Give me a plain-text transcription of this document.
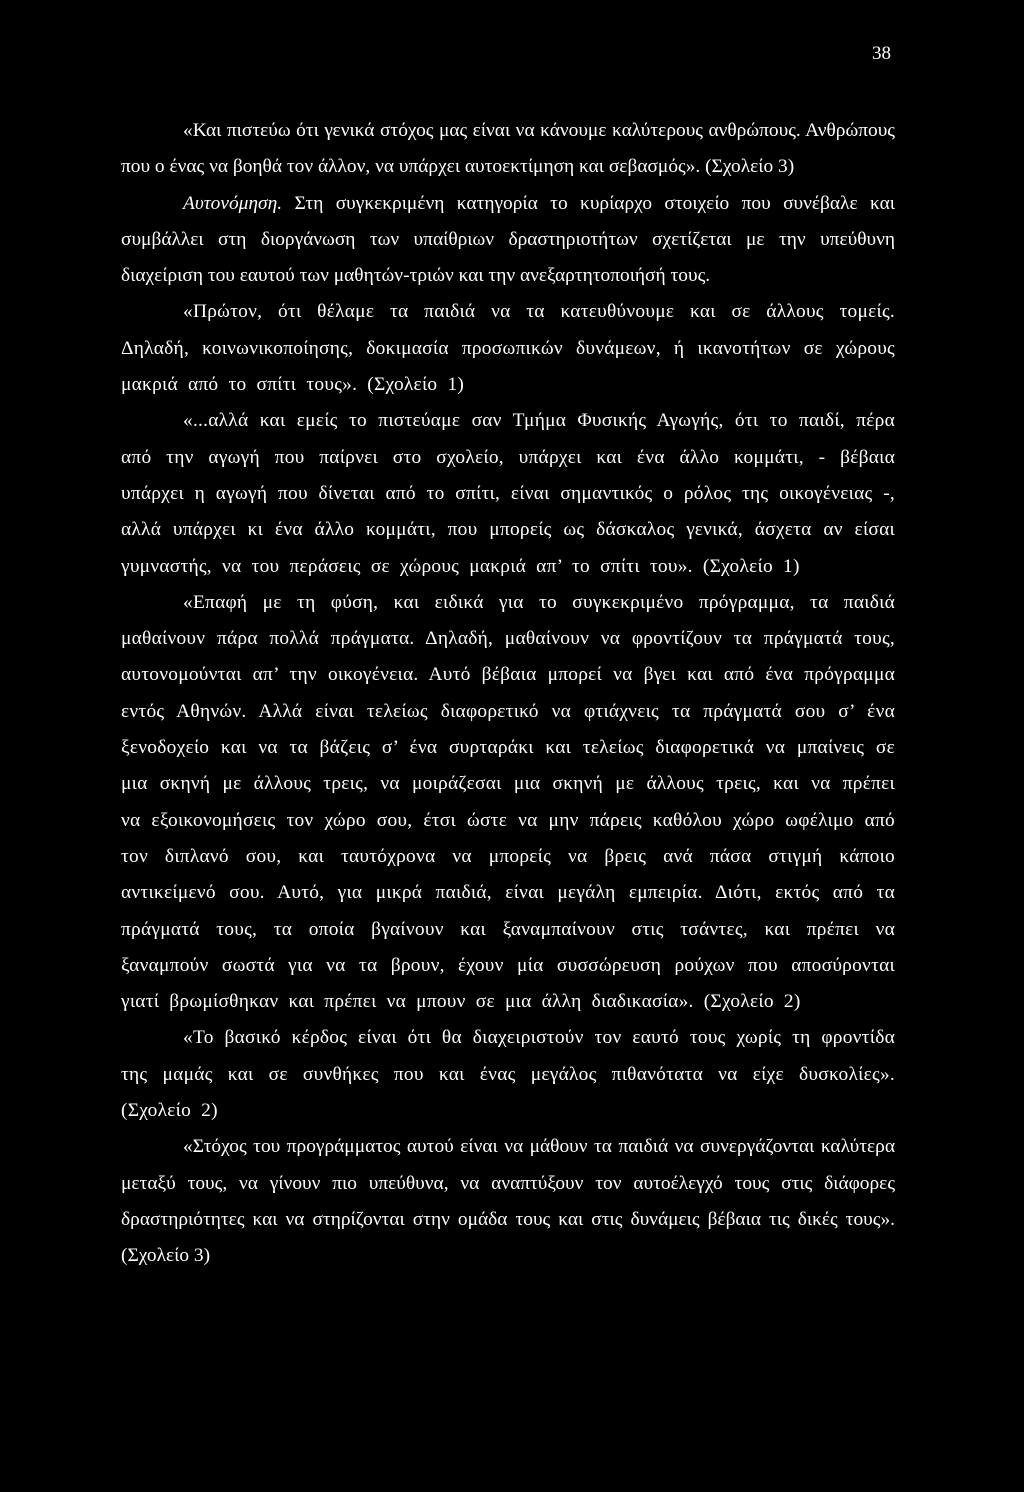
38

«Και πιστεύω ότι γενικά στόχος μας είναι να κάνουμε καλύτερους ανθρώπους. Ανθρώπους που ο ένας να βοηθά τον άλλον, να υπάρχει αυτοεκτίμηση και σεβασμός». (Σχολείο 3)

Αυτονόμηση. Στη συγκεκριμένη κατηγορία το κυρίαρχο στοιχείο που συνέβαλε και συμβάλλει στη διοργάνωση των υπαίθριων δραστηριοτήτων σχετίζεται με την υπεύθυνη διαχείριση του εαυτού των μαθητών-τριών και την ανεξαρτητοποιήσή τους.

«Πρώτον, ότι θέλαμε τα παιδιά να τα κατευθύνουμε και σε άλλους τομείς. Δηλαδή, κοινωνικοποίησης, δοκιμασία προσωπικών δυνάμεων, ή ικανοτήτων σε χώρους μακριά από το σπίτι τους». (Σχολείο 1)

«...αλλά και εμείς το πιστεύαμε σαν Τμήμα Φυσικής Αγωγής, ότι το παιδί, πέρα από την αγωγή που παίρνει στο σχολείο, υπάρχει και ένα άλλο κομμάτι, - βέβαια υπάρχει η αγωγή που δίνεται από το σπίτι, είναι σημαντικός ο ρόλος της οικογένειας -, αλλά υπάρχει κι ένα άλλο κομμάτι, που μπορείς ως δάσκαλος γενικά, άσχετα αν είσαι γυμναστής, να του περάσεις σε χώρους μακριά απ’ το σπίτι του». (Σχολείο 1)

«Επαφή με τη φύση, και ειδικά για το συγκεκριμένο πρόγραμμα, τα παιδιά μαθαίνουν πάρα πολλά πράγματα. Δηλαδή, μαθαίνουν να φροντίζουν τα πράγματά τους, αυτονομούνται απ’ την οικογένεια. Αυτό βέβαια μπορεί να βγει και από ένα πρόγραμμα εντός Αθηνών. Αλλά είναι τελείως διαφορετικό να φτιάχνεις τα πράγματά σου σ’ ένα ξενοδοχείο και να τα βάζεις σ’ ένα συρταράκι και τελείως διαφορετικά να μπαίνεις σε μια σκηνή με άλλους τρεις, να μοιράζεσαι μια σκηνή με άλλους τρεις, και να πρέπει να εξοικονομήσεις τον χώρο σου, έτσι ώστε να μην πάρεις καθόλου χώρο ωφέλιμο από τον διπλανό σου, και ταυτόχρονα να μπορείς να βρεις ανά πάσα στιγμή κάποιο αντικείμενό σου. Αυτό, για μικρά παιδιά, είναι μεγάλη εμπειρία. Διότι, εκτός από τα πράγματά τους, τα οποία βγαίνουν και ξαναμπαίνουν στις τσάντες, και πρέπει να ξαναμπούν σωστά για να τα βρουν, έχουν μία συσσώρευση ρούχων που αποσύρονται γιατί βρωμίσθηκαν και πρέπει να μπουν σε μια άλλη διαδικασία». (Σχολείο 2)

«Το βασικό κέρδος είναι ότι θα διαχειριστούν τον εαυτό τους χωρίς τη φροντίδα της μαμάς και σε συνθήκες που και ένας μεγάλος πιθανότατα να είχε δυσκολίες». (Σχολείο 2)

«Στόχος του προγράμματος αυτού είναι να μάθουν τα παιδιά να συνεργάζονται καλύτερα μεταξύ τους, να γίνουν πιο υπεύθυνα, να αναπτύξουν τον αυτοέλεγχό τους στις διάφορες δραστηριότητες και να στηρίζονται στην ομάδα τους και στις δυνάμεις βέβαια τις δικές τους». (Σχολείο 3)
